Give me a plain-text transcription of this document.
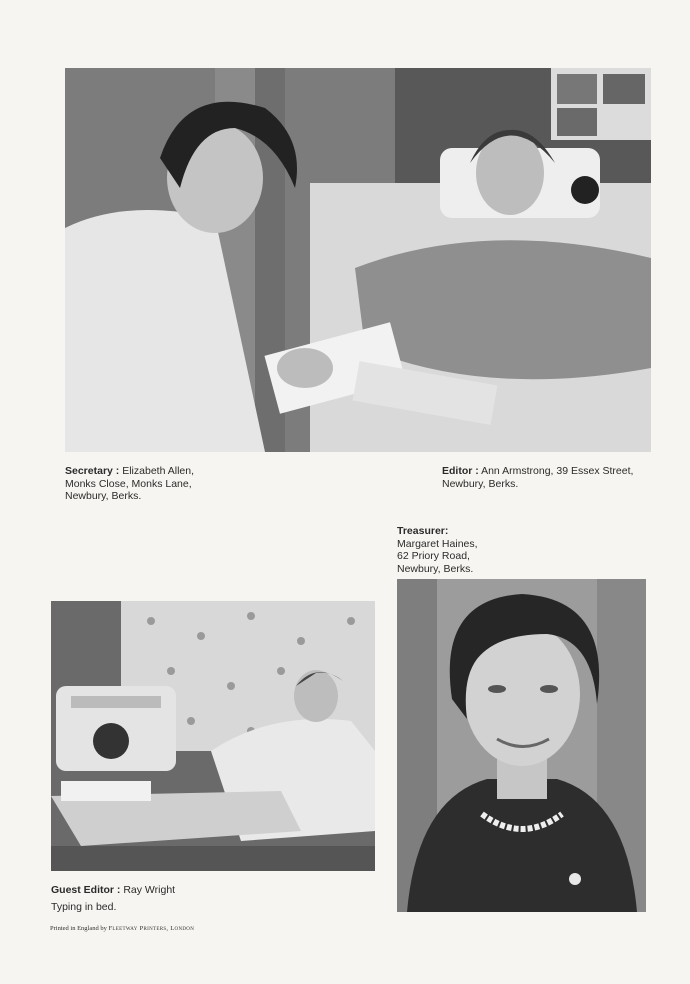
Secretary : Elizabeth Allen,
Monks Close, Monks Lane,
Newbury, Berks.
Editor : Ann Armstrong, 39 Essex Street,
Newbury, Berks.
Treasurer:
Margaret Haines,
62 Priory Road,
Newbury, Berks.
Guest Editor : Ray Wright
Typing in bed.
Printed in England by Fleetway Printers, London
